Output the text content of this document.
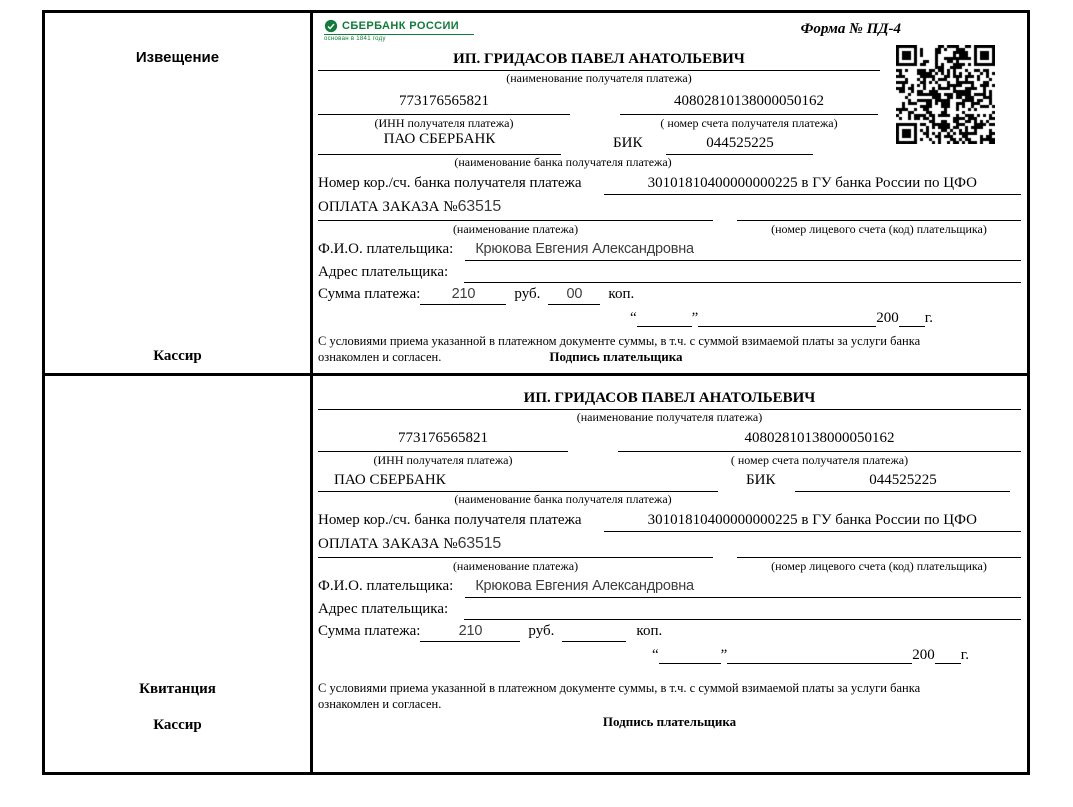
Извещение
Кассир
СБЕРБАНК РОССИИ
основан в 1841 году
Форма № ПД-4
ИП. ГРИДАСОВ ПАВЕЛ АНАТОЛЬЕВИЧ
(наименование получателя платежа)
773176565821	40802810138000050162
(ИНН получателя платежа)	( номер счета получателя платежа)
ПАО СБЕРБАНК	БИК	044525225
(наименование банка получателя платежа)
Номер кор./сч. банка получателя платежа	30101810400000000225 в ГУ банка России по ЦФО
ОПЛАТА ЗАКАЗА №63515
(наименование платежа)	(номер лицевого счета (код) плательщика)
Ф.И.О. плательщика:	Крюкова Евгения Александровна
Адрес плательщика:
Сумма платежа:	210	руб.	00	коп.
“	”	200 г.
С условиями приема указанной в платежном документе суммы, в т.ч. с суммой взимаемой платы за услуги банка
ознакомлен и согласен.	Подпись плательщика
Квитанция
Кассир
ИП. ГРИДАСОВ ПАВЕЛ АНАТОЛЬЕВИЧ
(наименование получателя платежа)
773176565821	40802810138000050162
(ИНН получателя платежа)	( номер счета получателя платежа)
ПАО СБЕРБАНК	БИК	044525225
(наименование банка получателя платежа)
Номер кор./сч. банка получателя платежа	30101810400000000225 в ГУ банка России по ЦФО
ОПЛАТА ЗАКАЗА №63515
(наименование платежа)	(номер лицевого счета (код) плательщика)
Ф.И.О. плательщика:	Крюкова Евгения Александровна
Адрес плательщика:
Сумма платежа:	210	руб.	коп.
“	”	200 г.
С условиями приема указанной в платежном документе суммы, в т.ч. с суммой взимаемой платы за услуги банка
ознакомлен и согласен.
Подпись плательщика
